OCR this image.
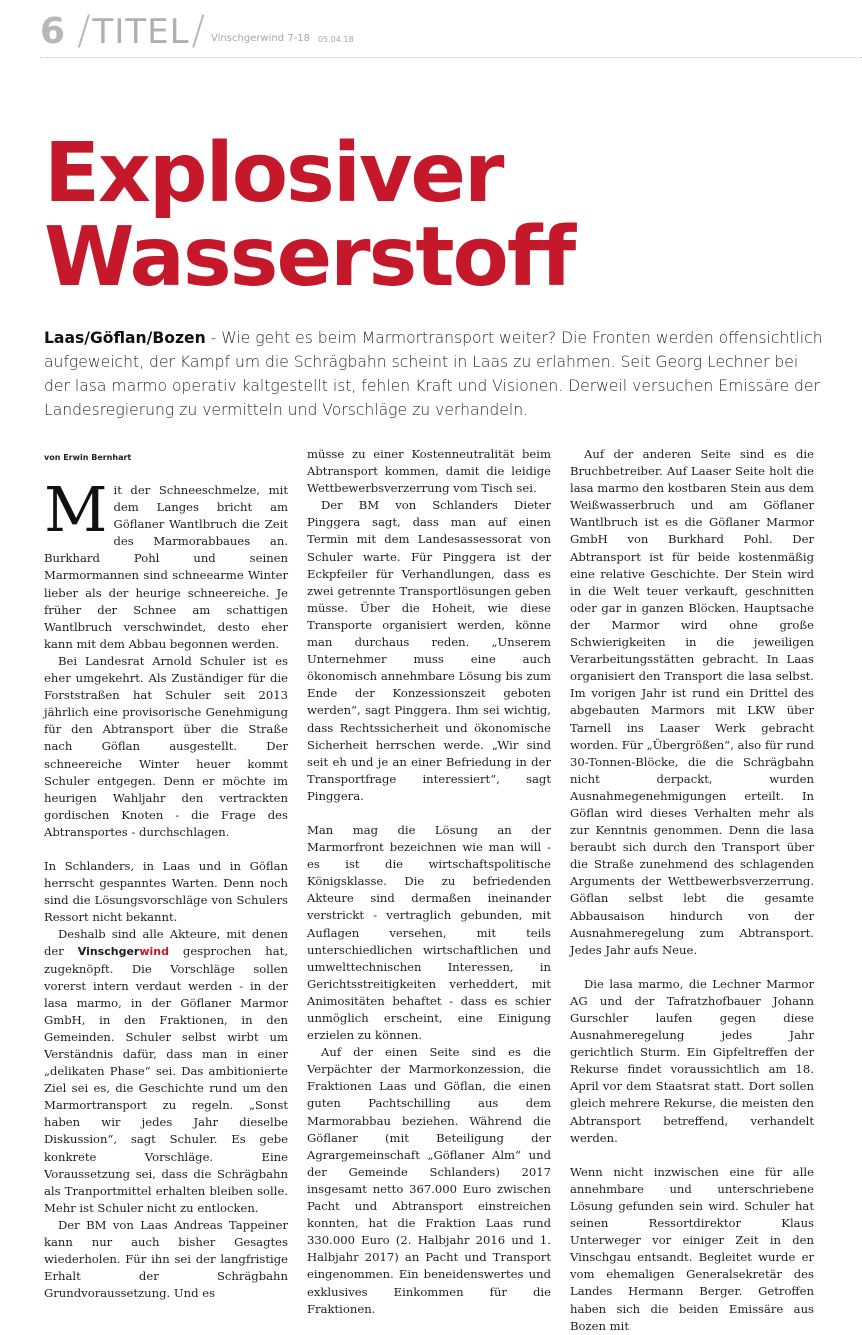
6 / TITEL / Vinschgerwind 7-18 05.04.18
Explosiver Wasserstoff

Laas/Göflan/Bozen - Wie geht es beim Marmortransport weiter? Die Fronten werden offensichtlich aufgeweicht, der Kampf um die Schrägbahn scheint in Laas zu erlahmen. Seit Georg Lechner bei der lasa marmo operativ kaltgestellt ist, fehlen Kraft und Visionen. Derweil versuchen Emissäre der Landesregierung zu vermitteln und Vorschläge zu verhandeln.

von Erwin Bernhart

Mit der Schneeschmelze, mit dem Langes bricht am Göflaner Wantlbruch die Zeit des Marmorabbaues an. Burkhard Pohl und seinen Marmormannen sind schneearme Winter lieber als der heurige schneereiche. Je früher der Schnee am schattigen Wantlbruch verschwindet, desto eher kann mit dem Abbau begonnen werden.

Bei Landesrat Arnold Schuler ist es eher umgekehrt. Als Zuständiger für die Forststraßen hat Schuler seit 2013 jährlich eine provisorische Genehmigung für den Abtransport über die Straße nach Göflan ausgestellt. Der schneereiche Winter heuer kommt Schuler entgegen. Denn er möchte im heurigen Wahljahr den vertrackten gordischen Knoten - die Frage des Abtransportes - durchschlagen.

In Schlanders, in Laas und in Göflan herrscht gespanntes Warten. Denn noch sind die Lösungsvorschläge von Schulers Ressort nicht bekannt.

Deshalb sind alle Akteure, mit denen der Vinschgerwind gesprochen hat, zugeknöpft. Die Vorschläge sollen vorerst intern verdaut werden - in der lasa marmo, in der Göflaner Marmor GmbH, in den Fraktionen, in den Gemeinden. Schuler selbst wirbt um Verständnis dafür, dass man in einer „delikaten Phase“ sei. Das ambitionierte Ziel sei es, die Geschichte rund um den Marmortransport zu regeln. „Sonst haben wir jedes Jahr dieselbe Diskussion“, sagt Schuler. Es gebe konkrete Vorschläge. Eine Voraussetzung sei, dass die Schrägbahn als Tranportmittel erhalten bleiben solle. Mehr ist Schuler nicht zu entlocken.

Der BM von Laas Andreas Tappeiner kann nur auch bisher Gesagtes wiederholen. Für ihn sei der langfristige Erhalt der Schrägbahn Grundvoraussetzung. Und es

müsse zu einer Kostenneutralität beim Abtransport kommen, damit die leidige Wettbewerbsverzerrung vom Tisch sei.

Der BM von Schlanders Dieter Pinggera sagt, dass man auf einen Termin mit dem Landesassessorat von Schuler warte. Für Pinggera ist der Eckpfeiler für Verhandlungen, dass es zwei getrennte Transportlösungen geben müsse. Über die Hoheit, wie diese Transporte organisiert werden, könne man durchaus reden. „Unserem Unternehmer muss eine auch ökonomisch annehmbare Lösung bis zum Ende der Konzessionszeit geboten werden“, sagt Pinggera. Ihm sei wichtig, dass Rechtssicherheit und ökonomische Sicherheit herrschen werde. „Wir sind seit eh und je an einer Befriedung in der Transportfrage interessiert“, sagt Pinggera.

Man mag die Lösung an der Marmorfront bezeichnen wie man will - es ist die wirtschaftspolitische Königsklasse. Die zu befriedenden Akteure sind dermaßen ineinander verstrickt - vertraglich gebunden, mit Auflagen versehen, mit teils unterschiedlichen wirtschaftlichen und umwelttechnischen Interessen, in Gerichtsstreitigkeiten verheddert, mit Animositäten behaftet - dass es schier unmöglich erscheint, eine Einigung erzielen zu können.

Auf der einen Seite sind es die Verpächter der Marmorkonzession, die Fraktionen Laas und Göflan, die einen guten Pachtschilling aus dem Marmorabbau beziehen. Während die Göflaner (mit Beteiligung der Agrargemeinschaft „Göflaner Alm“ und der Gemeinde Schlanders) 2017 insgesamt netto 367.000 Euro zwischen Pacht und Abtransport einstreichen konnten, hat die Fraktion Laas rund 330.000 Euro (2. Halbjahr 2016 und 1. Halbjahr 2017) an Pacht und Transport eingenommen. Ein beneidenswertes und exklusives Einkommen für die Fraktionen.

Auf der anderen Seite sind es die Bruchbetreiber. Auf Laaser Seite holt die lasa marmo den kostbaren Stein aus dem Weißwasserbruch und am Göflaner Wantlbruch ist es die Göflaner Marmor GmbH von Burkhard Pohl. Der Abtransport ist für beide kostenmäßig eine relative Geschichte. Der Stein wird in die Welt teuer verkauft, geschnitten oder gar in ganzen Blöcken. Hauptsache der Marmor wird ohne große Schwierigkeiten in die jeweiligen Verarbeitungsstätten gebracht. In Laas organisiert den Transport die lasa selbst. Im vorigen Jahr ist rund ein Drittel des abgebauten Marmors mit LKW über Tarnell ins Laaser Werk gebracht worden. Für „Übergrößen“, also für rund 30-Tonnen-Blöcke, die die Schrägbahn nicht derpackt, wurden Ausnahmegenehmigungen erteilt. In Göflan wird dieses Verhalten mehr als zur Kenntnis genommen. Denn die lasa beraubt sich durch den Transport über die Straße zunehmend des schlagenden Arguments der Wettbewerbsverzerrung. Göflan selbst lebt die gesamte Abbausaison hindurch von der Ausnahmeregelung zum Abtransport. Jedes Jahr aufs Neue.

Die lasa marmo, die Lechner Marmor AG und der Tafratzhofbauer Johann Gurschler laufen gegen diese Ausnahmeregelung jedes Jahr gerichtlich Sturm. Ein Gipfeltreffen der Rekurse findet voraussichtlich am 18. April vor dem Staatsrat statt. Dort sollen gleich mehrere Rekurse, die meisten den Abtransport betreffend, verhandelt werden.

Wenn nicht inzwischen eine für alle annehmbare und unterschriebene Lösung gefunden sein wird. Schuler hat seinen Ressortdirektor Klaus Unterweger vor einiger Zeit in den Vinschgau entsandt. Begleitet wurde er vom ehemaligen Generalsekretär des Landes Hermann Berger. Getroffen haben sich die beiden Emissäre aus Bozen mit
